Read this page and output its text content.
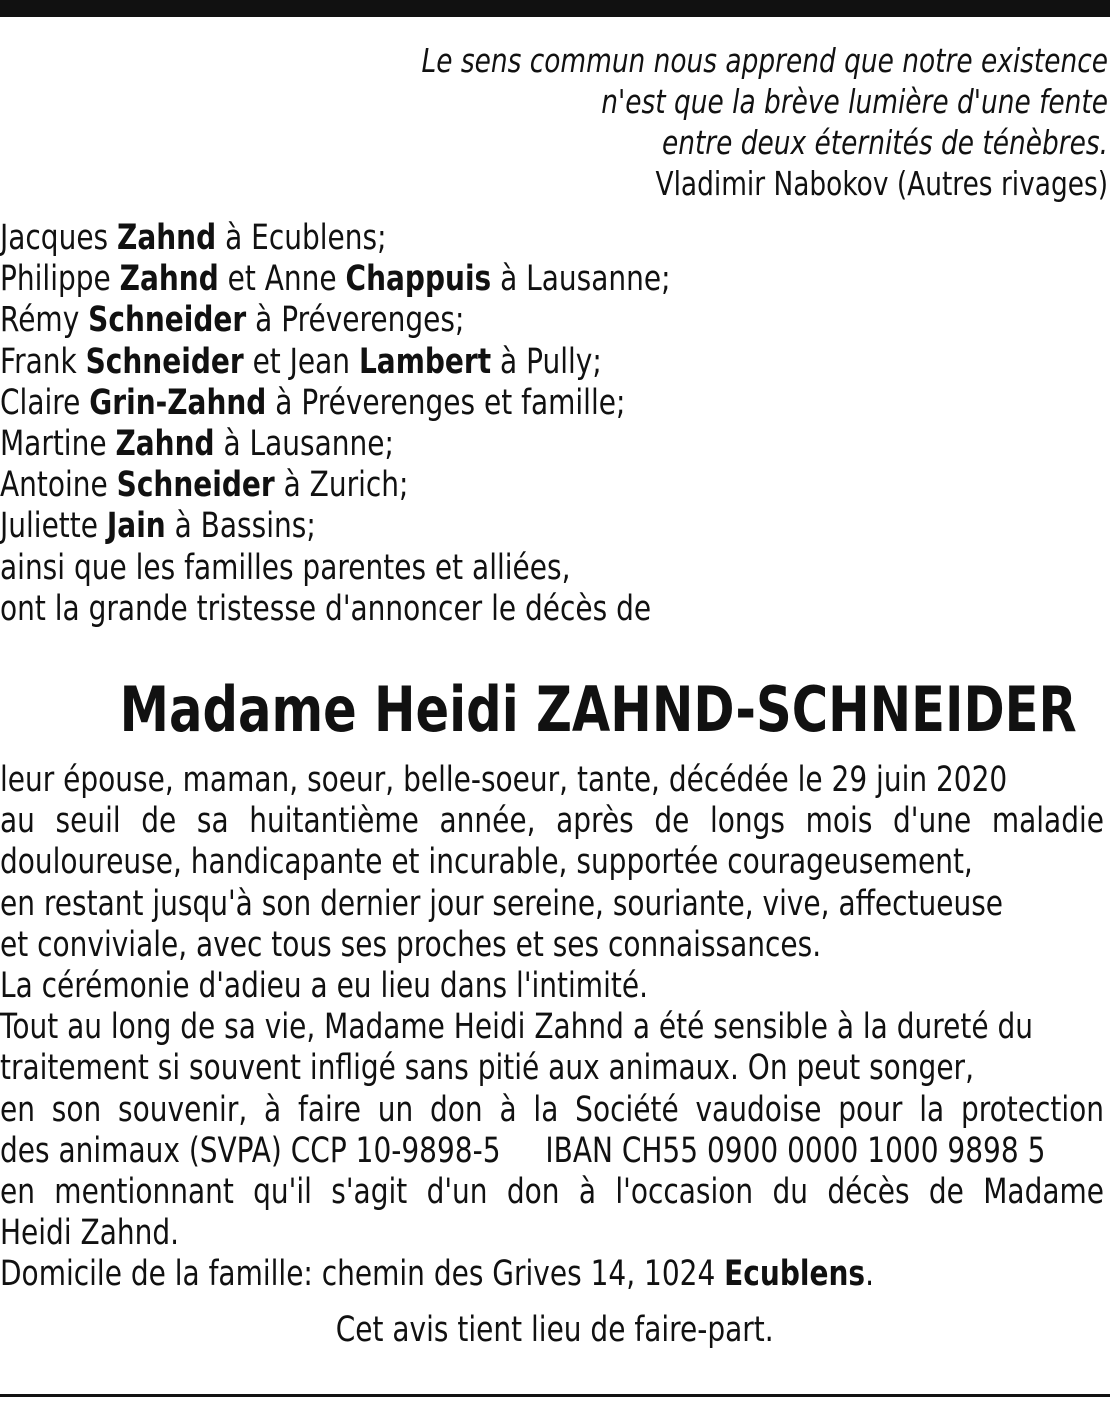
Le sens commun nous apprend que notre existence
n'est que la brève lumière d'une fente
entre deux éternités de ténèbres.
Vladimir Nabokov (Autres rivages)
Jacques Zahnd à Ecublens;
Philippe Zahnd et Anne Chappuis à Lausanne;
Rémy Schneider à Préverenges;
Frank Schneider et Jean Lambert à Pully;
Claire Grin-Zahnd à Préverenges et famille;
Martine Zahnd à Lausanne;
Antoine Schneider à Zurich;
Juliette Jain à Bassins;
ainsi que les familles parentes et alliées,
ont la grande tristesse d'annoncer le décès de
Madame Heidi ZAHND-SCHNEIDER
leur épouse, maman, soeur, belle-soeur, tante, décédée le 29 juin 2020
au seuil de sa huitantième année, après de longs mois d'une maladie
douloureuse, handicapante et incurable, supportée courageusement,
en restant jusqu'à son dernier jour sereine, souriante, vive, affectueuse
et conviviale, avec tous ses proches et ses connaissances.
La cérémonie d'adieu a eu lieu dans l'intimité.
Tout au long de sa vie, Madame Heidi Zahnd a été sensible à la dureté du
traitement si souvent infligé sans pitié aux animaux. On peut songer,
en son souvenir, à faire un don à la Société vaudoise pour la protection
des animaux (SVPA) CCP 10-9898-5 IBAN CH55 0900 0000 1000 9898 5
en mentionnant qu'il s'agit d'un don à l'occasion du décès de Madame
Heidi Zahnd.
Domicile de la famille: chemin des Grives 14, 1024 Ecublens.
Cet avis tient lieu de faire-part.
